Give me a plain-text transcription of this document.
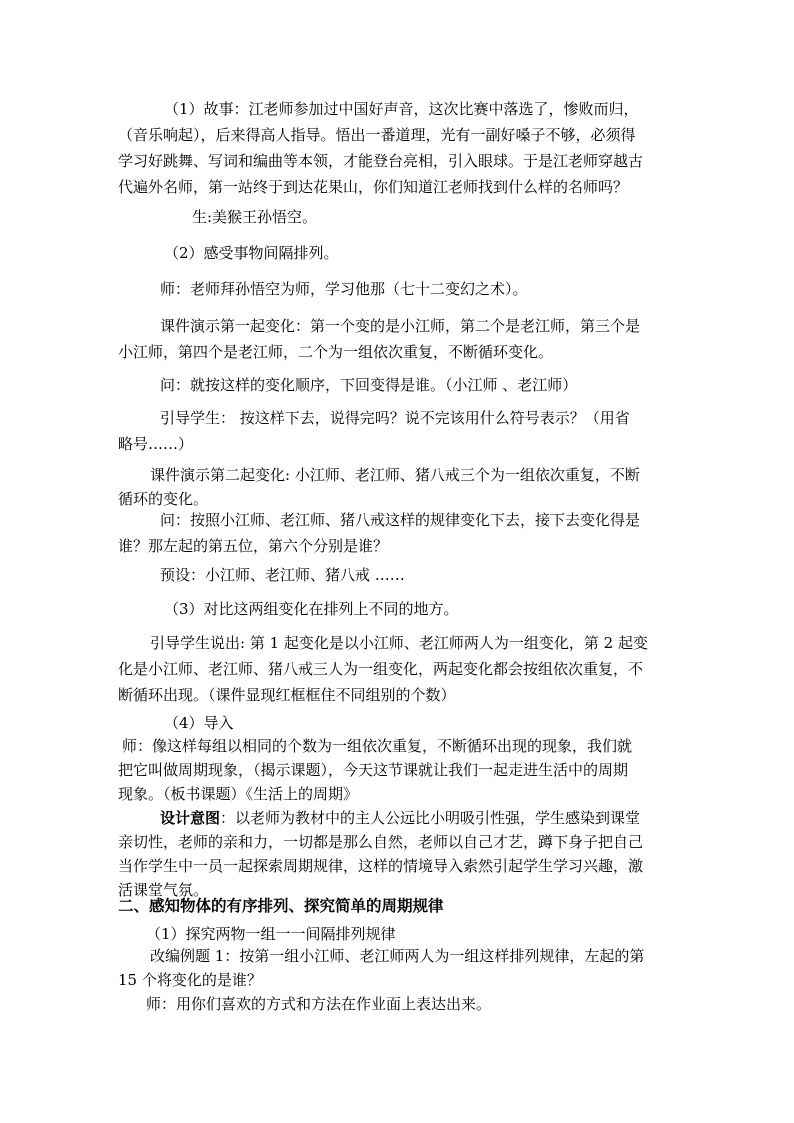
（1）故事：江老师参加过中国好声音，这次比赛中落选了，惨败而归，
（音乐响起），后来得高人指导。悟出一番道理，光有一副好嗓子不够，必须得
学习好跳舞、写词和编曲等本领，才能登台亮相，引入眼球。于是江老师穿越古
代遍外名师，第一站终于到达花果山，你们知道江老师找到什么样的名师吗？
生:美猴王孙悟空。
（2）感受事物间隔排列。
师：老师拜孙悟空为师，学习他那（七十二变幻之术）。
课件演示第一起变化：第一个变的是小江师，第二个是老江师，第三个是
小江师，第四个是老江师，二个为一组依次重复，不断循环变化。
问：就按这样的变化顺序，下回变得是谁。（小江师 、老江师）
引导学生： 按这样下去，说得完吗？说不完该用什么符号表示？（用省
略号……）
课件演示第二起变化: 小江师、老江师、猪八戒三个为一组依次重复，不断
循环的变化。
问：按照小江师、老江师、猪八戒这样的规律变化下去，接下去变化得是
谁？那左起的第五位，第六个分别是谁？
预设：小江师、老江师、猪八戒 ……
（3）对比这两组变化在排列上不同的地方。
引导学生说出: 第 1 起变化是以小江师、老江师两人为一组变化，第 2 起变
化是小江师、老江师、猪八戒三人为一组变化，两起变化都会按组依次重复，不
断循环出现。（课件显现红框框住不同组别的个数）
（4）导入
师：像这样每组以相同的个数为一组依次重复，不断循环出现的现象，我们就
把它叫做周期现象，（揭示课题），今天这节课就让我们一起走进生活中的周期
现象。（板书课题）《生活上的周期》
设计意图：以老师为教材中的主人公远比小明吸引性强，学生感染到课堂
亲切性，老师的亲和力，一切都是那么自然，老师以自己才艺，蹲下身子把自己
当作学生中一员一起探索周期规律，这样的情境导入索然引起学生学习兴趣，激
活课堂气氛。
二、感知物体的有序排列、探究简单的周期规律
（1）探究两物一组一一间隔排列规律
改编例题 1：按第一组小江师、老江师两人为一组这样排列规律，左起的第
15 个将变化的是谁？
师：用你们喜欢的方式和方法在作业面上表达出来。
